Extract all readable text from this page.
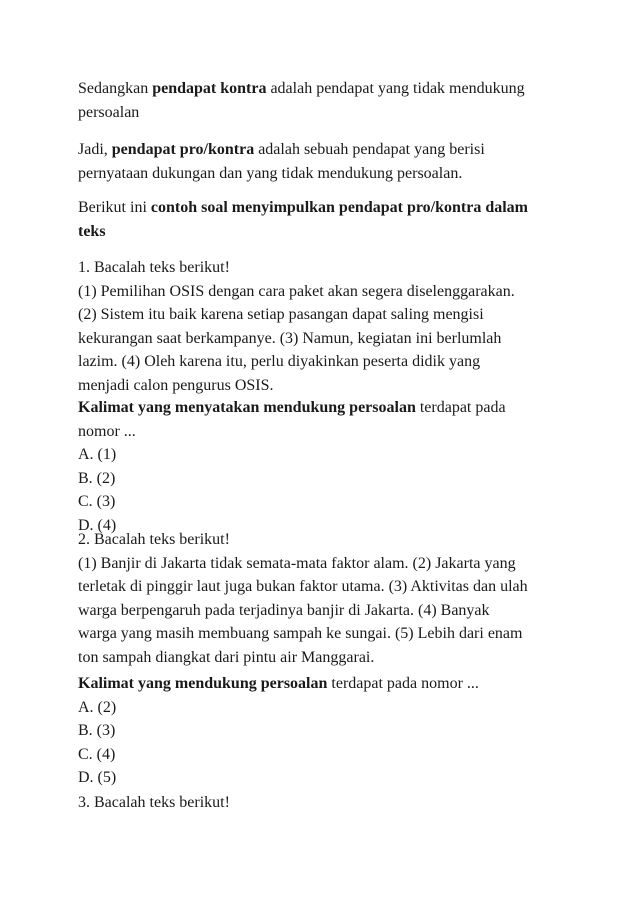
Sedangkan pendapat kontra adalah pendapat yang tidak mendukung
persoalan
Jadi, pendapat pro/kontra adalah sebuah pendapat yang berisi
pernyataan dukungan dan yang tidak mendukung persoalan.
Berikut ini contoh soal menyimpulkan pendapat pro/kontra dalam
teks
1. Bacalah teks berikut!
(1) Pemilihan OSIS dengan cara paket akan segera diselenggarakan.
(2) Sistem itu baik karena setiap pasangan dapat saling mengisi
kekurangan saat berkampanye. (3) Namun, kegiatan ini berlumlah
lazim. (4) Oleh karena itu, perlu diyakinkan peserta didik yang
menjadi calon pengurus OSIS.
Kalimat yang menyatakan mendukung persoalan terdapat pada
nomor ...
A. (1)
B. (2)
C. (3)
D. (4)
2. Bacalah teks berikut!
(1) Banjir di Jakarta tidak semata-mata faktor alam. (2) Jakarta yang
terletak di pinggir laut juga bukan faktor utama. (3) Aktivitas dan ulah
warga berpengaruh pada terjadinya banjir di Jakarta. (4) Banyak
warga yang masih membuang sampah ke sungai. (5) Lebih dari enam
ton sampah diangkat dari pintu air Manggarai.
Kalimat yang mendukung persoalan terdapat pada nomor ...
A. (2)
B. (3)
C. (4)
D. (5)
3. Bacalah teks berikut!
